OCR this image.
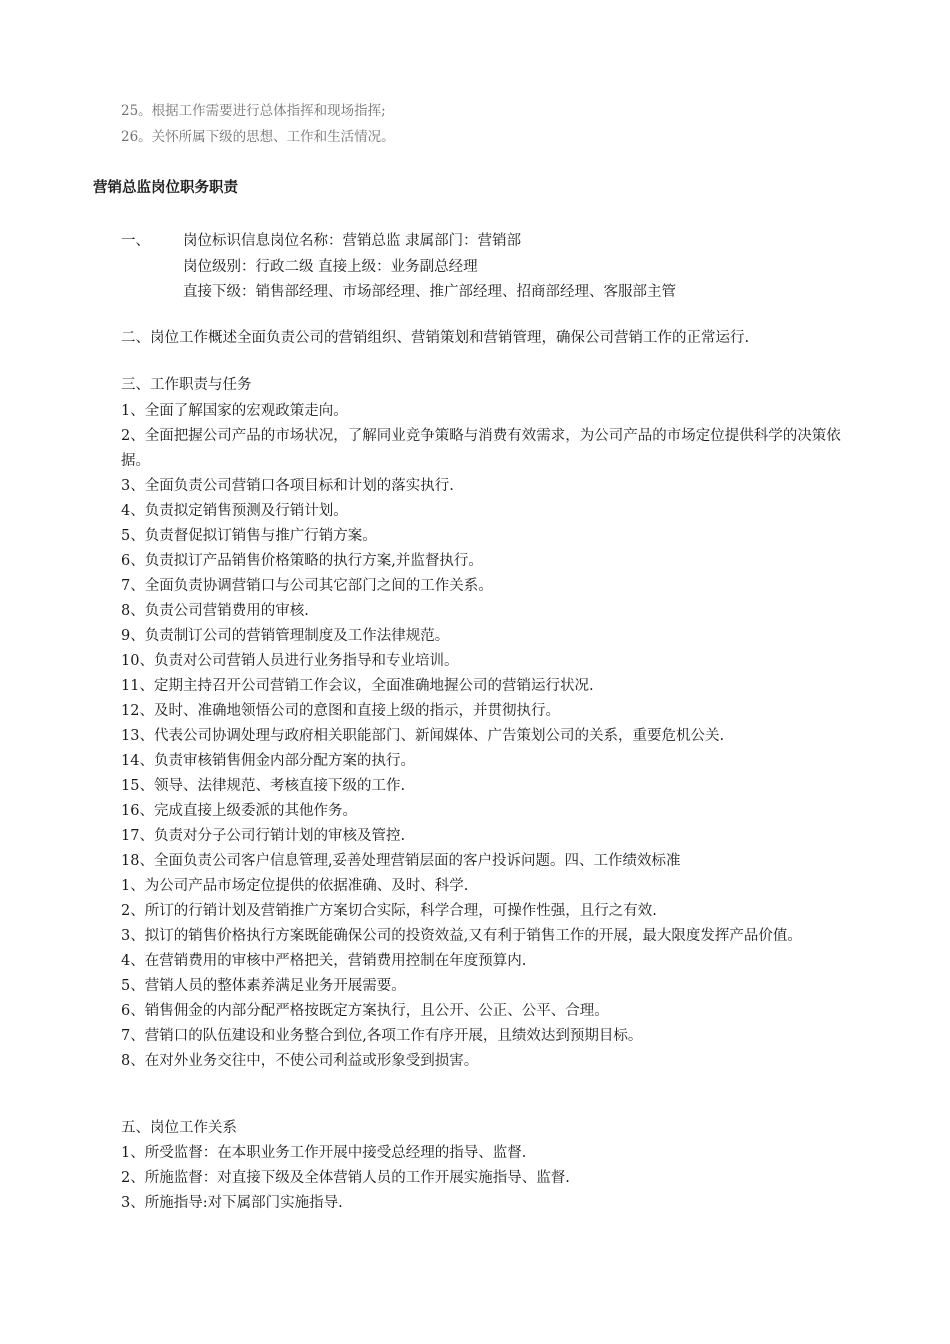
25。根据工作需要进行总体指挥和现场指挥;
26。关怀所属下级的思想、工作和生活情况。
营销总监岗位职务职责
一、 岗位标识信息岗位名称：营销总监 隶属部门：营销部
岗位级别：行政二级 直接上级：业务副总经理
直接下级：销售部经理、市场部经理、推广部经理、招商部经理、客服部主管
二、岗位工作概述全面负责公司的营销组织、营销策划和营销管理，确保公司营销工作的正常运行.
三、工作职责与任务
1、全面了解国家的宏观政策走向。
2、全面把握公司产品的市场状况，了解同业竞争策略与消费有效需求，为公司产品的市场定位提供科学的决策依据。
3、全面负责公司营销口各项目标和计划的落实执行.
4、负责拟定销售预测及行销计划。
5、负责督促拟订销售与推广行销方案。
6、负责拟订产品销售价格策略的执行方案,并监督执行。
7、全面负责协调营销口与公司其它部门之间的工作关系。
8、负责公司营销费用的审核.
9、负责制订公司的营销管理制度及工作法律规范。
10、负责对公司营销人员进行业务指导和专业培训。
11、定期主持召开公司营销工作会议，全面准确地握公司的营销运行状况.
12、及时、准确地领悟公司的意图和直接上级的指示，并贯彻执行。
13、代表公司协调处理与政府相关职能部门、新闻媒体、广告策划公司的关系，重要危机公关.
14、负责审核销售佣金内部分配方案的执行。
15、领导、法律规范、考核直接下级的工作.
16、完成直接上级委派的其他作务。
17、负责对分子公司行销计划的审核及管控.
18、全面负责公司客户信息管理,妥善处理营销层面的客户投诉问题。四、工作绩效标准
1、为公司产品市场定位提供的依据准确、及时、科学.
2、所订的行销计划及营销推广方案切合实际，科学合理，可操作性强，且行之有效.
3、拟订的销售价格执行方案既能确保公司的投资效益,又有利于销售工作的开展，最大限度发挥产品价值。
4、在营销费用的审核中严格把关，营销费用控制在年度预算内.
5、营销人员的整体素养满足业务开展需要。
6、销售佣金的内部分配严格按既定方案执行，且公开、公正、公平、合理。
7、营销口的队伍建设和业务整合到位,各项工作有序开展，且绩效达到预期目标。
8、在对外业务交往中，不使公司利益或形象受到损害。
五、岗位工作关系
1、所受监督：在本职业务工作开展中接受总经理的指导、监督.
2、所施监督：对直接下级及全体营销人员的工作开展实施指导、监督.
3、所施指导:对下属部门实施指导.
